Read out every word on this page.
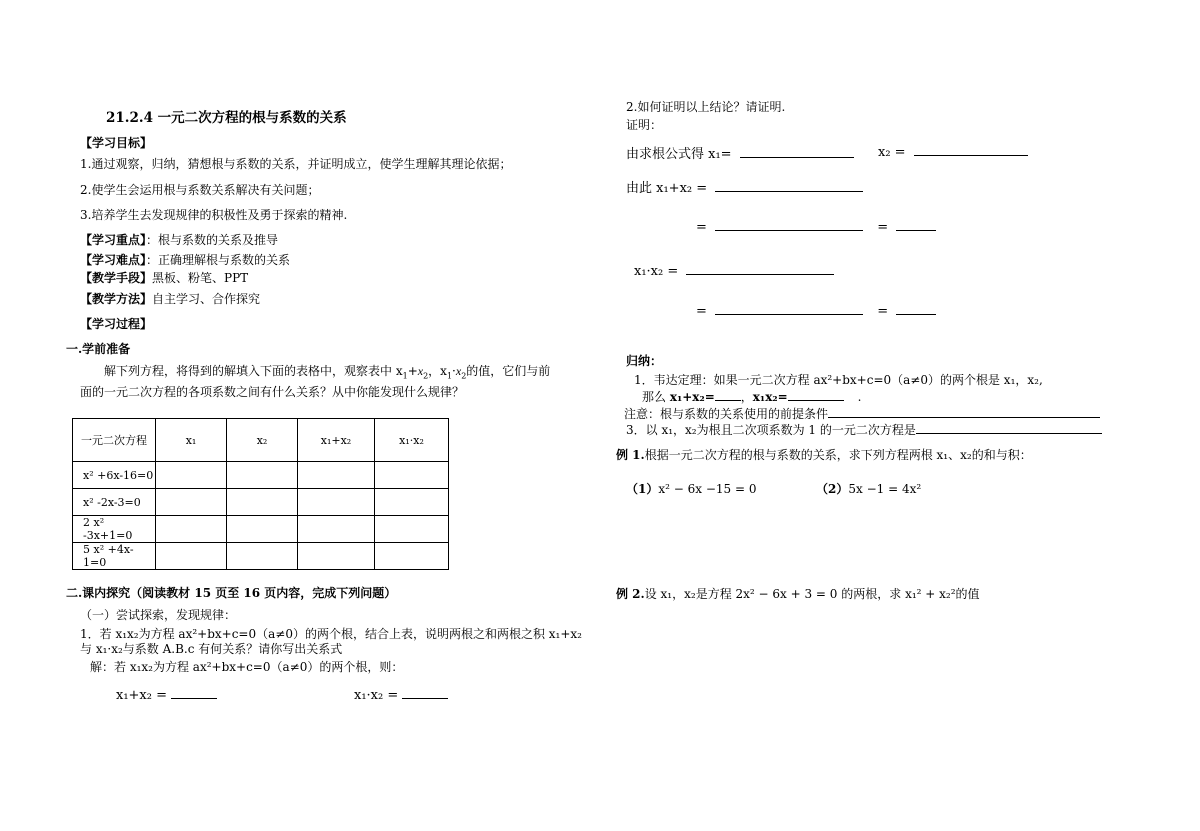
21.2.4 一元二次方程的根与系数的关系
【学习目标】
1.通过观察，归纳，猜想根与系数的关系，并证明成立，使学生理解其理论依据；
2.使学生会运用根与系数关系解决有关问题；
3.培养学生去发现规律的积极性及勇于探索的精神.
【学习重点】：根与系数的关系及推导
【学习难点】：正确理解根与系数的关系
【教学手段】黑板、粉笔、PPT
【教学方法】自主学习、合作探究
【学习过程】
一.学前准备
解下列方程，将得到的解填入下面的表格中，观察表中 $x_1+x_2$，$x_1\cdot x_2$的值，它们与前
面的一元二次方程的各项系数之间有什么关系？从中你能发现什么规律？
一元二次方程	x₁	x₂	x₁+x₂	x₁·x₂
x² +6x-16=0				
x² -2x-3=0				
2 x² -3x+1=0				
5 x² +4x-1=0				
二.课内探究（阅读教材 15 页至 16 页内容，完成下列问题）
（一）尝试探索，发现规律：
1．若 x₁x₂为方程 ax²+bx+c=0（a≠0）的两个根，结合上表，说明两根之和两根之积 x₁+x₂
与 x₁·x₂与系数 A.B.c 有何关系？请你写出关系式
解：若 x₁x₂为方程 ax²+bx+c=0（a≠0）的两个根，则：
x₁+x₂ =	x₁·x₂ =
2.如何证明以上结论？请证明.
证明：
由求根公式得 x₁=	x₂ =
由此 x₁+x₂ =
=	=
x₁·x₂ =
=	=
归纳：
1．韦达定理：如果一元二次方程 ax²+bx+c=0（a≠0）的两个根是 x₁，x₂,
那么 x₁+x₂= ，x₁x₂=	.
注意：根与系数的关系使用的前提条件
3．以 x₁，x₂为根且二次项系数为 1 的一元二次方程是
例 1.根据一元二次方程的根与系数的关系，求下列方程两根 x₁、x₂的和与积：
（1）x² − 6x −15 = 0	（2）5x −1 = 4x²
例 2.设 x₁，x₂是方程 2x² − 6x + 3 = 0 的两根，求 x₁² + x₂²的值
